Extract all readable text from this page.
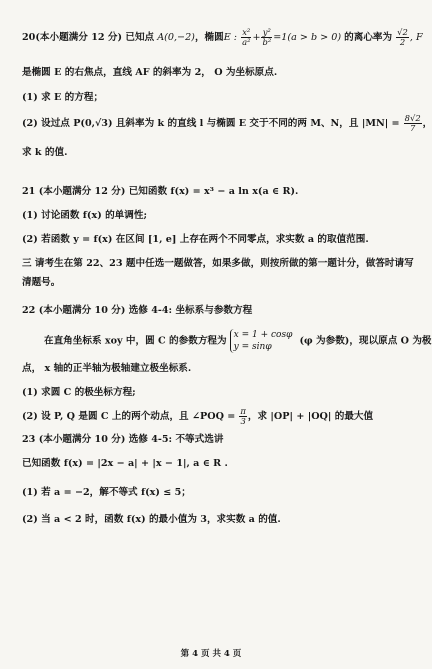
20(本小题满分 12 分) 已知点 A(0,−2)，椭圆E : $\frac{\text{x²}}{\text{a²}} + \frac{\text{y²}}{\text{b²}} =1(a > b > 0)$ 的离心率为 $\frac{√2}{2}$ , F
是椭圆 E 的右焦点，直线 AF 的斜率为 2， O 为坐标原点.
(1) 求 E 的方程；
(2) 设过点 P(0,√3) 且斜率为 k 的直线 l 与椭圆 E 交于不同的两 M、N，且 $|MN| = \frac{8√2}{7}$ ，
求 k 的值.
21 (本小题满分 12 分) 已知函数 f(x) = x³ − a ln x(a ∈ R).
(1) 讨论函数 f(x) 的单调性;
(2) 若函数 y = f(x) 在区间 [1, e] 上存在两个不同零点，求实数 a 的取值范围.
三 请考生在第 22、23 题中任选一题做答，如果多做，则按所做的第一题计分，做答时请写
清题号。
22 (本小题满分 10 分) 选修 4-4: 坐标系与参数方程
在直角坐标系 xoy 中，圆 C 的参数方程为
x = 1 + cosφ
y = sinφ
(φ 为参数)，现以原点 O 为极
点， x 轴的正半轴为极轴建立极坐标系.
(1) 求圆 C 的极坐标方程;
(2) 设 P, Q 是圆 C 上的两个动点，且 ∠POQ = $\frac{\pi}{3}$ ，求 |OP| + |OQ| 的最大值
23 (本小题满分 10 分) 选修 4-5: 不等式选讲
已知函数 f(x) = |2x − a| + |x − 1|, a ∈ R .
(1) 若 a = −2，解不等式 f(x) ≤ 5；
(2) 当 a < 2 时，函数 f(x) 的最小值为 3，求实数 a 的值.
第 4 页 共 4 页
